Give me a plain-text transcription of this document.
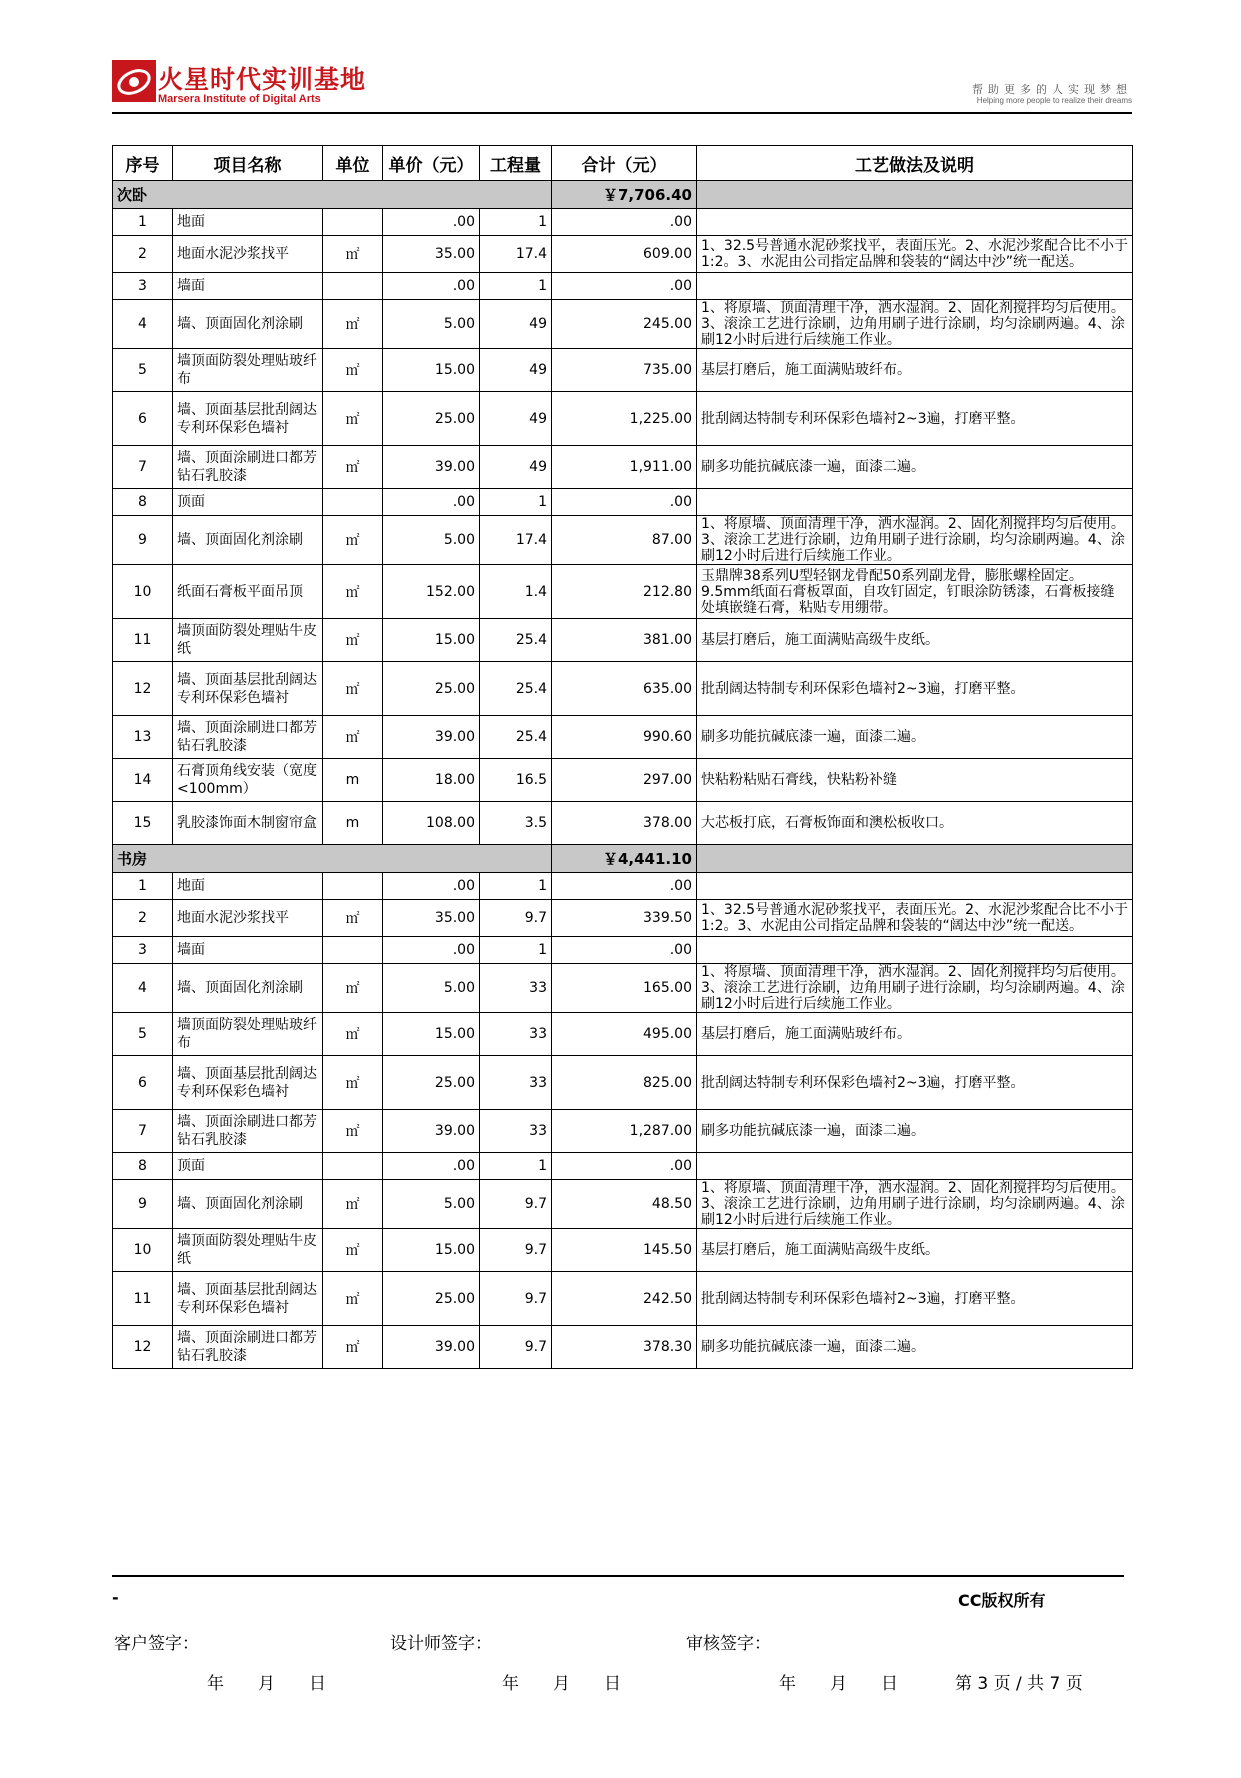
火星时代实训基地
Marsera Institute of Digital Arts
帮助更多的人实现梦想
Helping more people to realize their dreams
序号	项目名称	单位	单价（元）	工程量	合计（元）	工艺做法及说明
次卧					￥7,706.40	
1	地面		.00	1	.00	
2	地面水泥沙浆找平	㎡	35.00	17.4	609.00	1、32.5号普通水泥砂浆找平，表面压光。2、水泥沙浆配合比不小于1:2。3、水泥由公司指定品牌和袋装的“阔达中沙”统一配送。
3	墙面		.00	1	.00	
4	墙、顶面固化剂涂刷	㎡	5.00	49	245.00	1、将原墙、顶面清理干净，洒水湿润。2、固化剂搅拌均匀后使用。3、滚涂工艺进行涂刷，边角用刷子进行涂刷，均匀涂刷两遍。4、涂刷12小时后进行后续施工作业。
5	墙顶面防裂处理贴玻纤布	㎡	15.00	49	735.00	基层打磨后，施工面满贴玻纤布。
6	墙、顶面基层批刮阔达专利环保彩色墙衬	㎡	25.00	49	1,225.00	批刮阔达特制专利环保彩色墙衬2~3遍，打磨平整。
7	墙、顶面涂刷进口都芳钻石乳胶漆	㎡	39.00	49	1,911.00	刷多功能抗碱底漆一遍，面漆二遍。
8	顶面		.00	1	.00	
9	墙、顶面固化剂涂刷	㎡	5.00	17.4	87.00	1、将原墙、顶面清理干净，洒水湿润。2、固化剂搅拌均匀后使用。3、滚涂工艺进行涂刷，边角用刷子进行涂刷，均匀涂刷两遍。4、涂刷12小时后进行后续施工作业。
10	纸面石膏板平面吊顶	㎡	152.00	1.4	212.80	玉鼎牌38系列U型轻钢龙骨配50系列副龙骨，膨胀螺栓固定。9.5mm纸面石膏板罩面，自攻钉固定，钉眼涂防锈漆，石膏板接缝处填嵌缝石膏，粘贴专用绷带。
11	墙顶面防裂处理贴牛皮纸	㎡	15.00	25.4	381.00	基层打磨后，施工面满贴高级牛皮纸。
12	墙、顶面基层批刮阔达专利环保彩色墙衬	㎡	25.00	25.4	635.00	批刮阔达特制专利环保彩色墙衬2~3遍，打磨平整。
13	墙、顶面涂刷进口都芳钻石乳胶漆	㎡	39.00	25.4	990.60	刷多功能抗碱底漆一遍，面漆二遍。
14	石膏顶角线安装（宽度<100mm）	m	18.00	16.5	297.00	快粘粉粘贴石膏线，快粘粉补缝
15	乳胶漆饰面木制窗帘盒	m	108.00	3.5	378.00	大芯板打底，石膏板饰面和澳松板收口。
书房					￥4,441.10	
1	地面		.00	1	.00	
2	地面水泥沙浆找平	㎡	35.00	9.7	339.50	1、32.5号普通水泥砂浆找平，表面压光。2、水泥沙浆配合比不小于1:2。3、水泥由公司指定品牌和袋装的“阔达中沙”统一配送。
3	墙面		.00	1	.00	
4	墙、顶面固化剂涂刷	㎡	5.00	33	165.00	1、将原墙、顶面清理干净，洒水湿润。2、固化剂搅拌均匀后使用。3、滚涂工艺进行涂刷，边角用刷子进行涂刷，均匀涂刷两遍。4、涂刷12小时后进行后续施工作业。
5	墙顶面防裂处理贴玻纤布	㎡	15.00	33	495.00	基层打磨后，施工面满贴玻纤布。
6	墙、顶面基层批刮阔达专利环保彩色墙衬	㎡	25.00	33	825.00	批刮阔达特制专利环保彩色墙衬2~3遍，打磨平整。
7	墙、顶面涂刷进口都芳钻石乳胶漆	㎡	39.00	33	1,287.00	刷多功能抗碱底漆一遍，面漆二遍。
8	顶面		.00	1	.00	
9	墙、顶面固化剂涂刷	㎡	5.00	9.7	48.50	1、将原墙、顶面清理干净，洒水湿润。2、固化剂搅拌均匀后使用。3、滚涂工艺进行涂刷，边角用刷子进行涂刷，均匀涂刷两遍。4、涂刷12小时后进行后续施工作业。
10	墙顶面防裂处理贴牛皮纸	㎡	15.00	9.7	145.50	基层打磨后，施工面满贴高级牛皮纸。
11	墙、顶面基层批刮阔达专利环保彩色墙衬	㎡	25.00	9.7	242.50	批刮阔达特制专利环保彩色墙衬2~3遍，打磨平整。
12	墙、顶面涂刷进口都芳钻石乳胶漆	㎡	39.00	9.7	378.30	刷多功能抗碱底漆一遍，面漆二遍。
-	CC版权所有
客户签字：	设计师签字：	审核签字：
年　　月　　日	年　　月　　日	年　　月　　日	第 3 页 / 共 7 页
